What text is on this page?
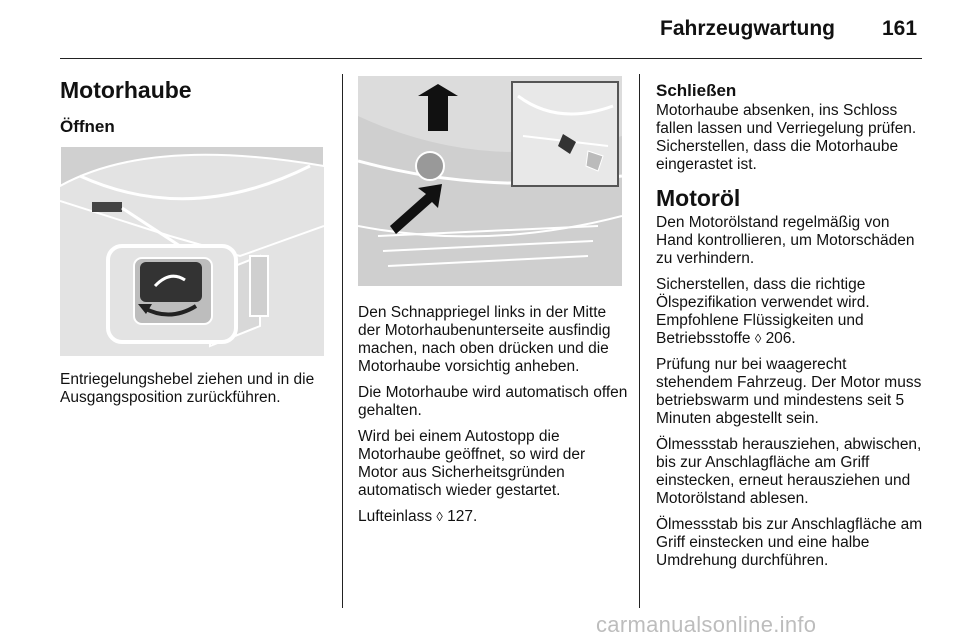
Fahrzeugwartung 161
Motorhaube
Öffnen

Entriegelungshebel ziehen und in die Ausgangsposition zurückführen.

Den Schnappriegel links in der Mitte der Motorhaubenunterseite ausfindig machen, nach oben drücken und die Motorhaube vorsichtig anheben.

Die Motorhaube wird automatisch offen gehalten.

Wird bei einem Autostopp die Motorhaube geöffnet, so wird der Motor aus Sicherheitsgründen automatisch wieder gestartet.

Lufteinlass ◊ 127.

Schließen

Motorhaube absenken, ins Schloss fallen lassen und Verriegelung prüfen. Sicherstellen, dass die Motorhaube eingerastet ist.

Motoröl

Den Motorölstand regelmäßig von Hand kontrollieren, um Motorschäden zu verhindern.

Sicherstellen, dass die richtige Ölspezifikation verwendet wird. Empfohlene Flüssigkeiten und Betriebsstoffe ◊ 206.

Prüfung nur bei waagerecht stehendem Fahrzeug. Der Motor muss betriebswarm und mindestens seit 5 Minuten abgestellt sein.

Ölmessstab herausziehen, abwischen, bis zur Anschlagfläche am Griff einstecken, erneut herausziehen und Motorölstand ablesen.

Ölmessstab bis zur Anschlagfläche am Griff einstecken und eine halbe Umdrehung durchführen.

carmanualsonline.info
